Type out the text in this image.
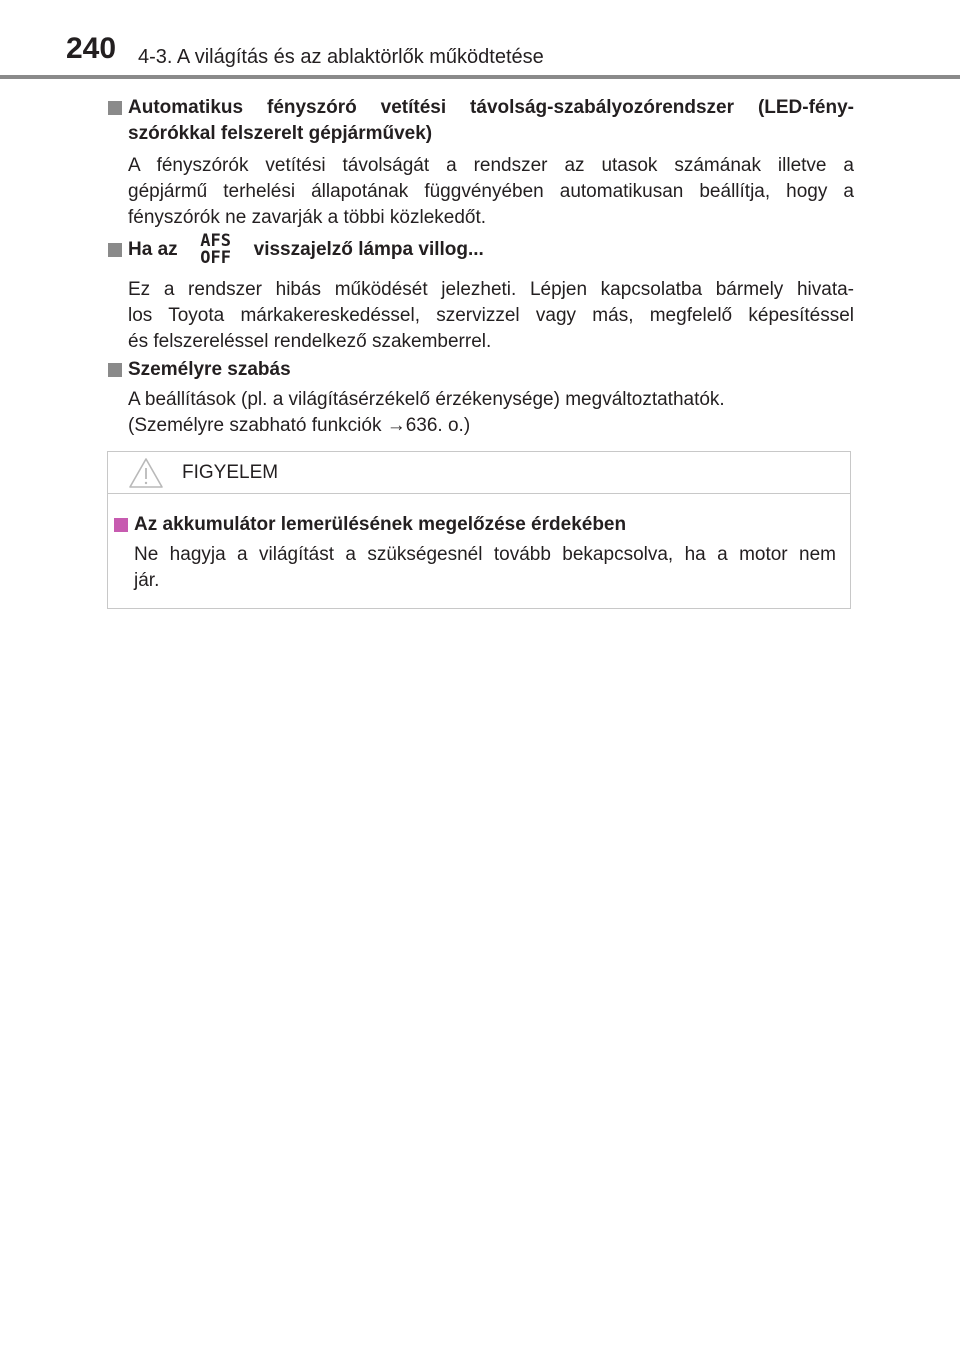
240 4-3. A világítás és az ablaktörlők működtetése
Automatikus fényszóró vetítési távolság-szabályozórendszer (LED-fény-
szórókkal felszerelt gépjárművek)
A fényszórók vetítési távolságát a rendszer az utasok számának illetve a
gépjármű terhelési állapotának függvényében automatikusan beállítja, hogy a
fényszórók ne zavarják a többi közlekedőt.
Ha az	AFS
OFF	visszajelző lámpa villog...
Ez a rendszer hibás működését jelezheti. Lépjen kapcsolatba bármely hivata-
los Toyota márkakereskedéssel, szervizzel vagy más, megfelelő képesítéssel
és felszereléssel rendelkező szakemberrel.
Személyre szabás
A beállítások (pl. a világításérzékelő érzékenysége) megváltoztathatók.
(Személyre szabható funkciók →636. o.)
FIGYELEM
Az akkumulátor lemerülésének megelőzése érdekében
Ne hagyja a világítást a szükségesnél tovább bekapcsolva, ha a motor nem
jár.
